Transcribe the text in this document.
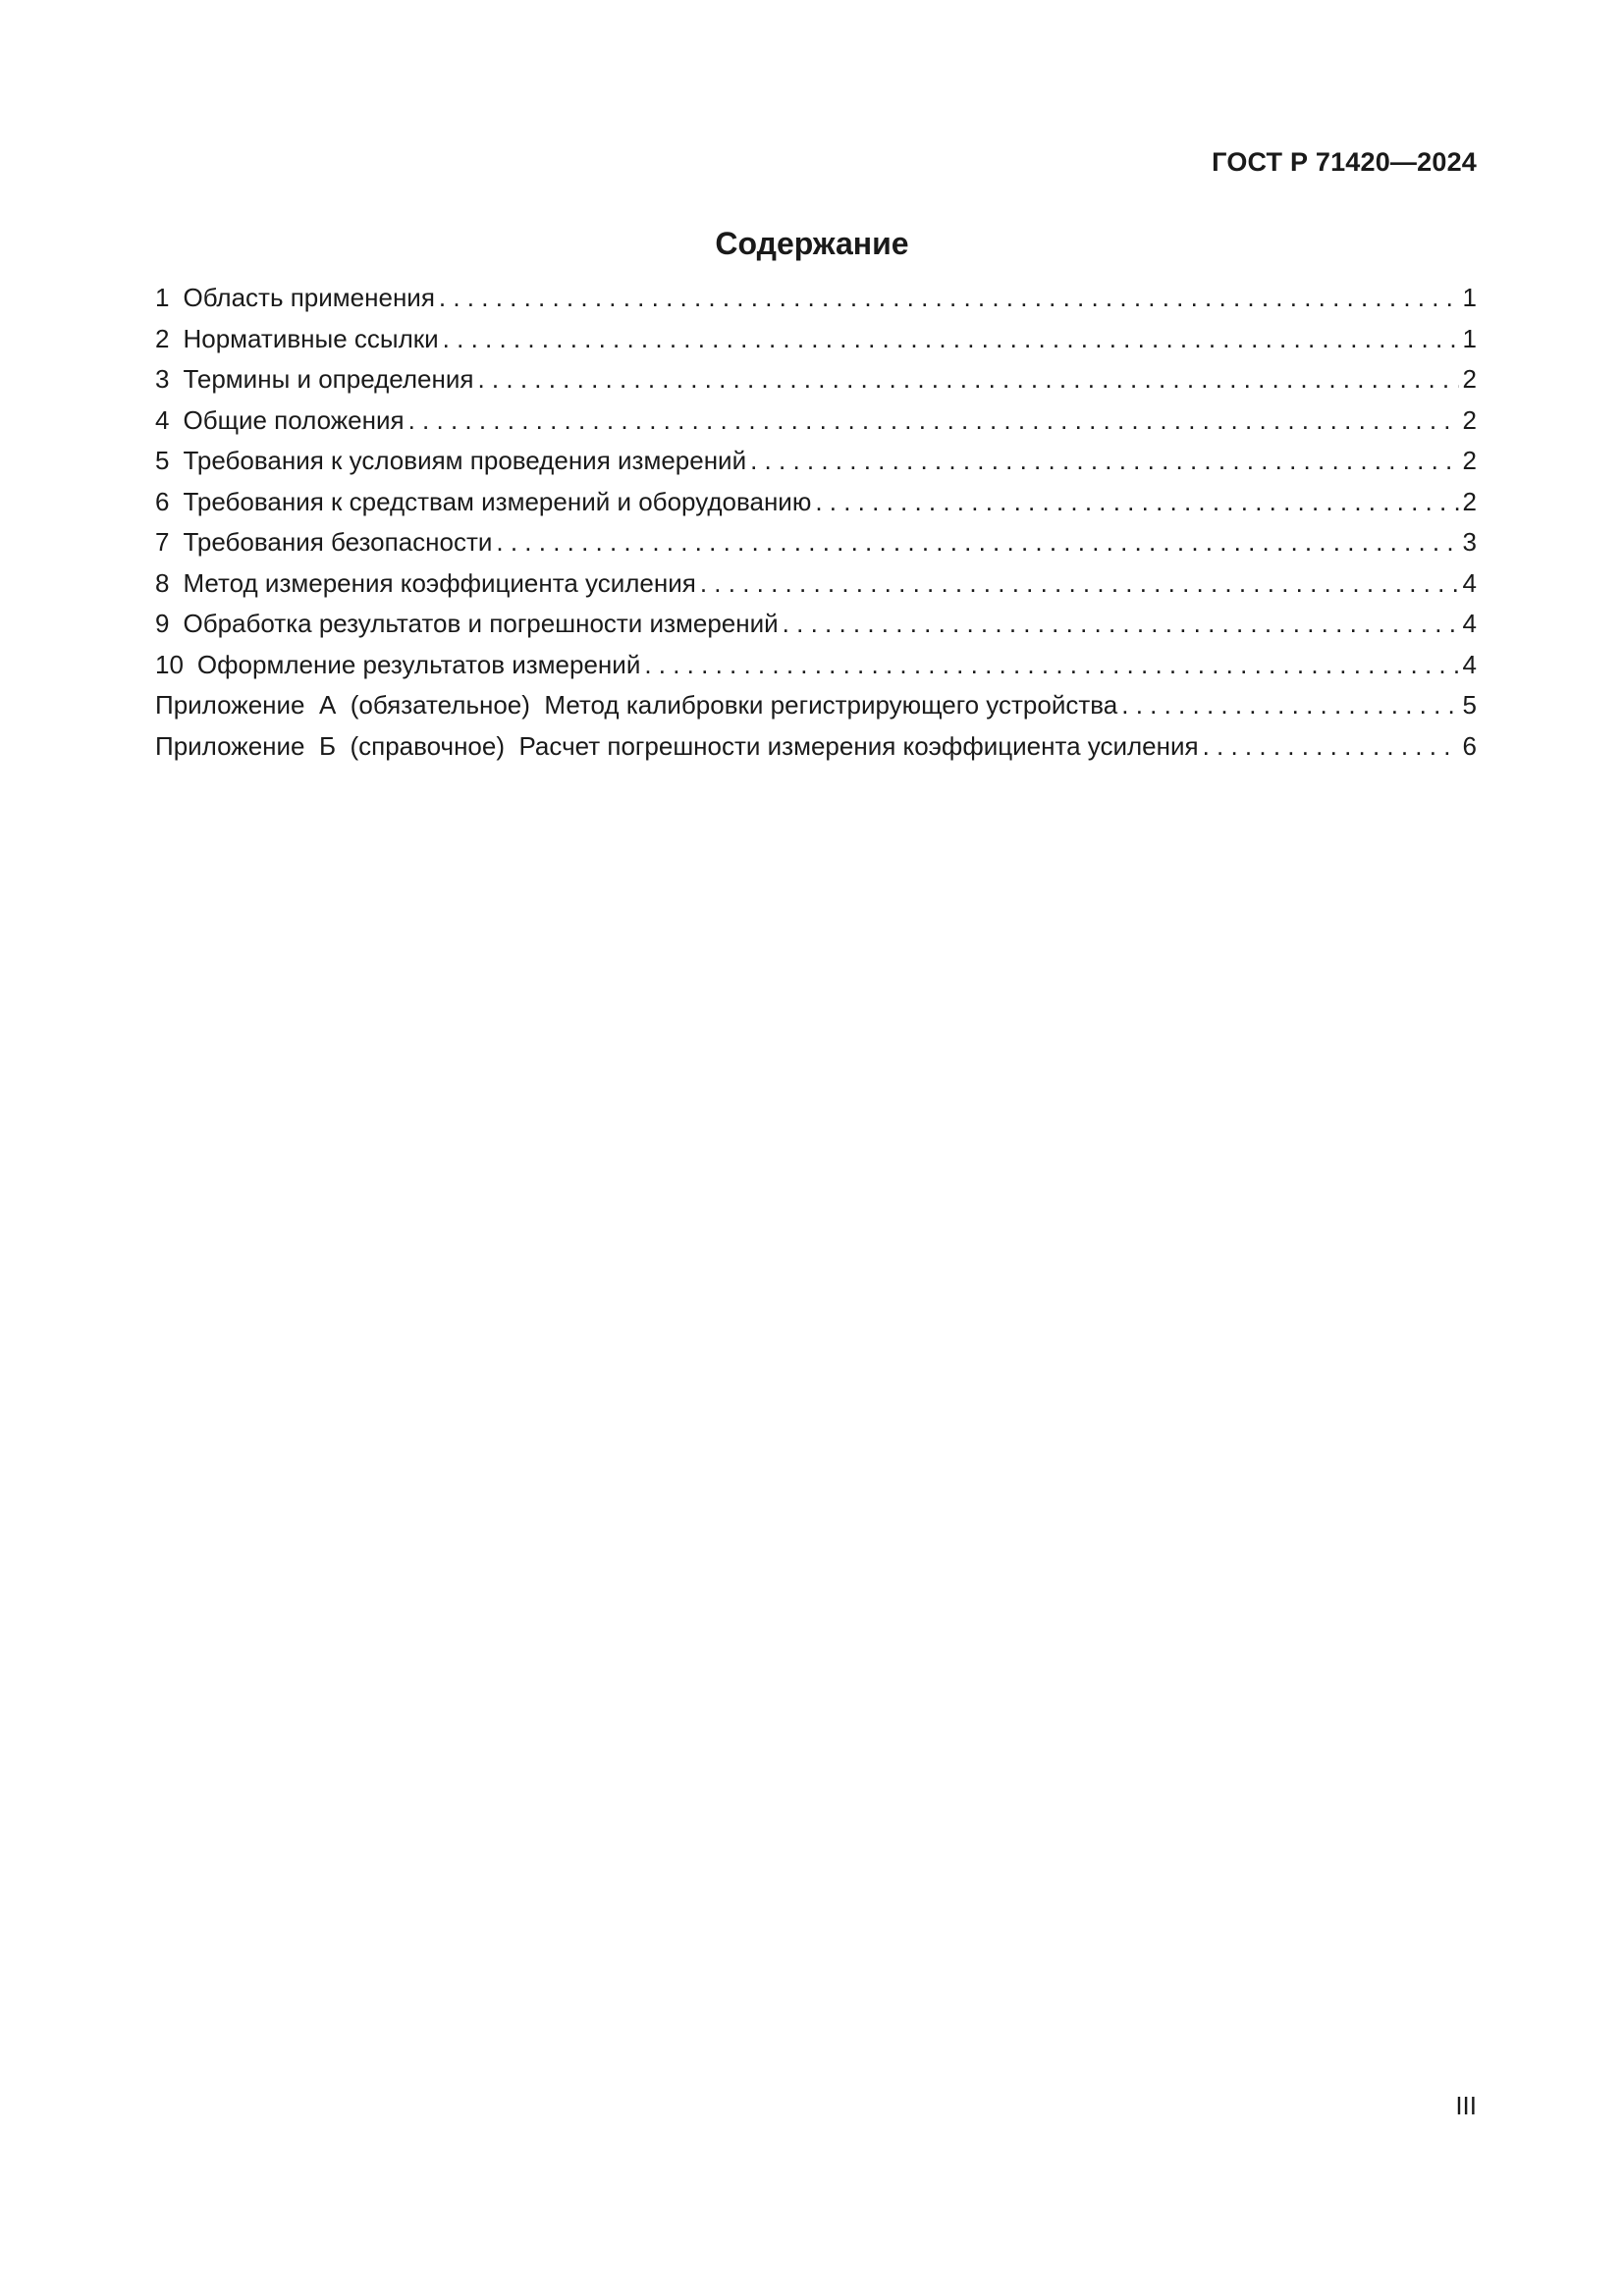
ГОСТ Р 71420—2024
Содержание
1 Область применения . . .	1
2 Нормативные ссылки . . .	1
3 Термины и определения . . .	2
4 Общие положения . . .	2
5 Требования к условиям проведения измерений . . .	2
6 Требования к средствам измерений и оборудованию . . .	2
7 Требования безопасности . . .	3
8 Метод измерения коэффициента усиления . . .	4
9 Обработка результатов и погрешности измерений . . .	4
10 Оформление результатов измерений . . .	4
Приложение  А  (обязательное)  Метод калибровки регистрирующего устройства . . .	5
Приложение  Б  (справочное)  Расчет погрешности измерения коэффициента усиления . . .	6
III
